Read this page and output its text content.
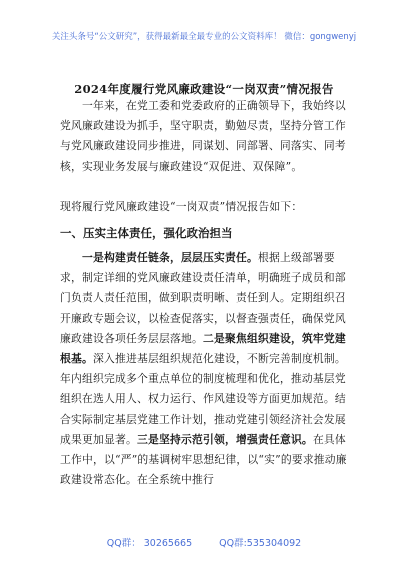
关注头条号“公文研究”，获得最新最全最专业的公文资料库！ 微信：gongwenyj
2024年度履行党风廉政建设“一岗双责”情况报告

一年来，在党工委和党委政府的正确领导下，我始终以党风廉政建设为抓手，坚守职责，勤勉尽责，坚持分管工作与党风廉政建设同步推进，同谋划、同部署、同落实、同考核，实现业务发展与廉政建设“双促进、双保障”。

现将履行党风廉政建设“一岗双责”情况报告如下：

一、压实主体责任，强化政治担当

一是构建责任链条，层层压实责任。根据上级部署要求，制定详细的党风廉政建设责任清单，明确班子成员和部门负责人责任范围，做到职责明晰、责任到人。定期组织召开廉政专题会议，以检查促落实，以督查强责任，确保党风廉政建设各项任务层层落地。二是聚焦组织建设，筑牢党建根基。深入推进基层组织规范化建设，不断完善制度机制。年内组织完成多个重点单位的制度梳理和优化，推动基层党组织在选人用人、权力运行、作风建设等方面更加规范。结合实际制定基层党建工作计划，推动党建引领经济社会发展成果更加显著。三是坚持示范引领，增强责任意识。在具体工作中，以“严”的基调树牢思想纪律，以“实”的要求推动廉政建设常态化。在全系统中推行

QQ群： 30265665	QQ群:535304092
